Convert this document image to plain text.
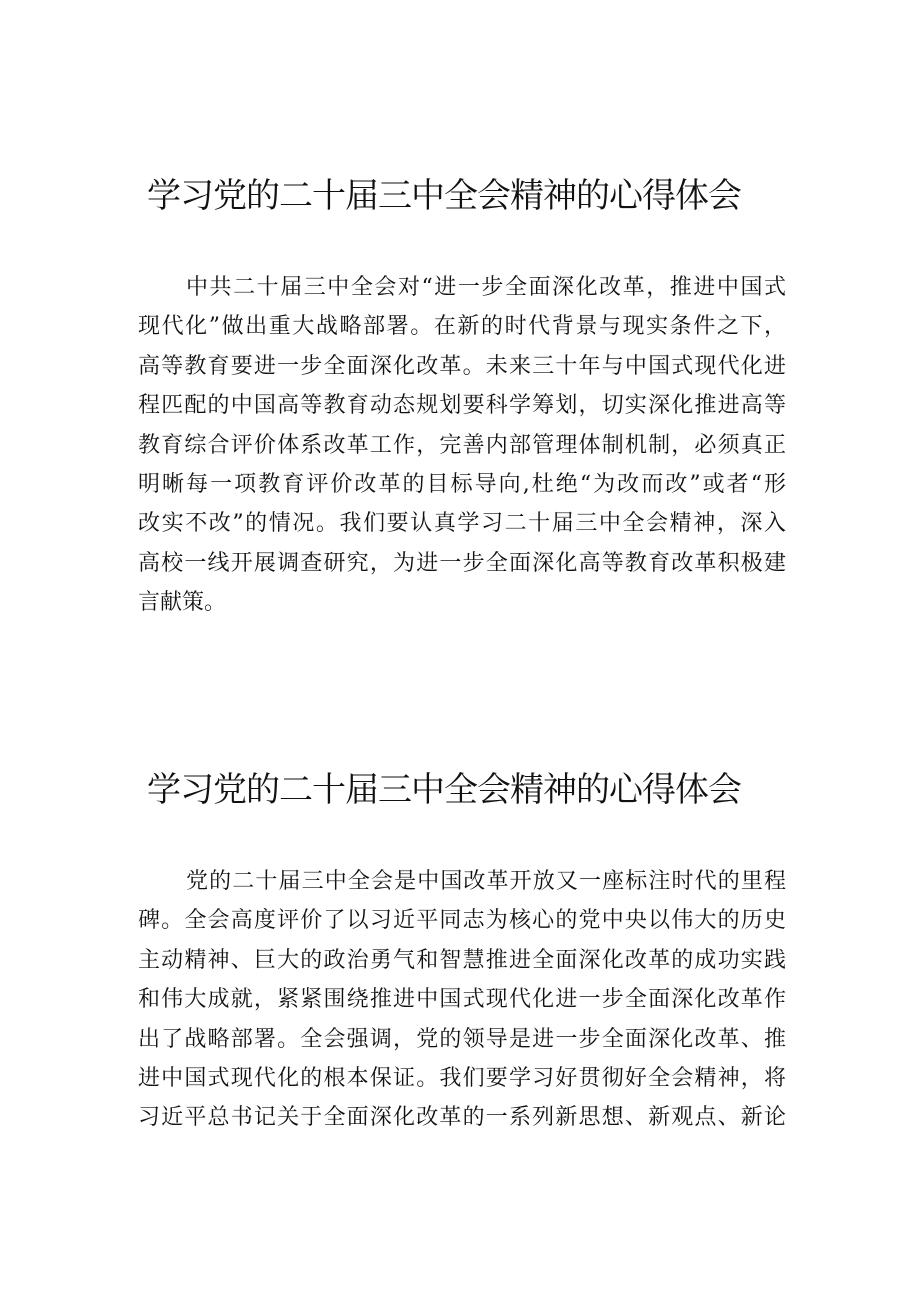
学习党的二十届三中全会精神的心得体会
中共二十届三中全会对“进一步全面深化改革，推进中国式
现代化”做出重大战略部署。在新的时代背景与现实条件之下，
高等教育要进一步全面深化改革。未来三十年与中国式现代化进
程匹配的中国高等教育动态规划要科学筹划，切实深化推进高等
教育综合评价体系改革工作，完善内部管理体制机制，必须真正
明晰每一项教育评价改革的目标导向,杜绝“为改而改”或者“形
改实不改”的情况。我们要认真学习二十届三中全会精神，深入
高校一线开展调查研究，为进一步全面深化高等教育改革积极建
言献策。
学习党的二十届三中全会精神的心得体会
党的二十届三中全会是中国改革开放又一座标注时代的里程
碑。全会高度评价了以习近平同志为核心的党中央以伟大的历史
主动精神、巨大的政治勇气和智慧推进全面深化改革的成功实践
和伟大成就，紧紧围绕推进中国式现代化进一步全面深化改革作
出了战略部署。全会强调，党的领导是进一步全面深化改革、推
进中国式现代化的根本保证。我们要学习好贯彻好全会精神，将
习近平总书记关于全面深化改革的一系列新思想、新观点、新论
